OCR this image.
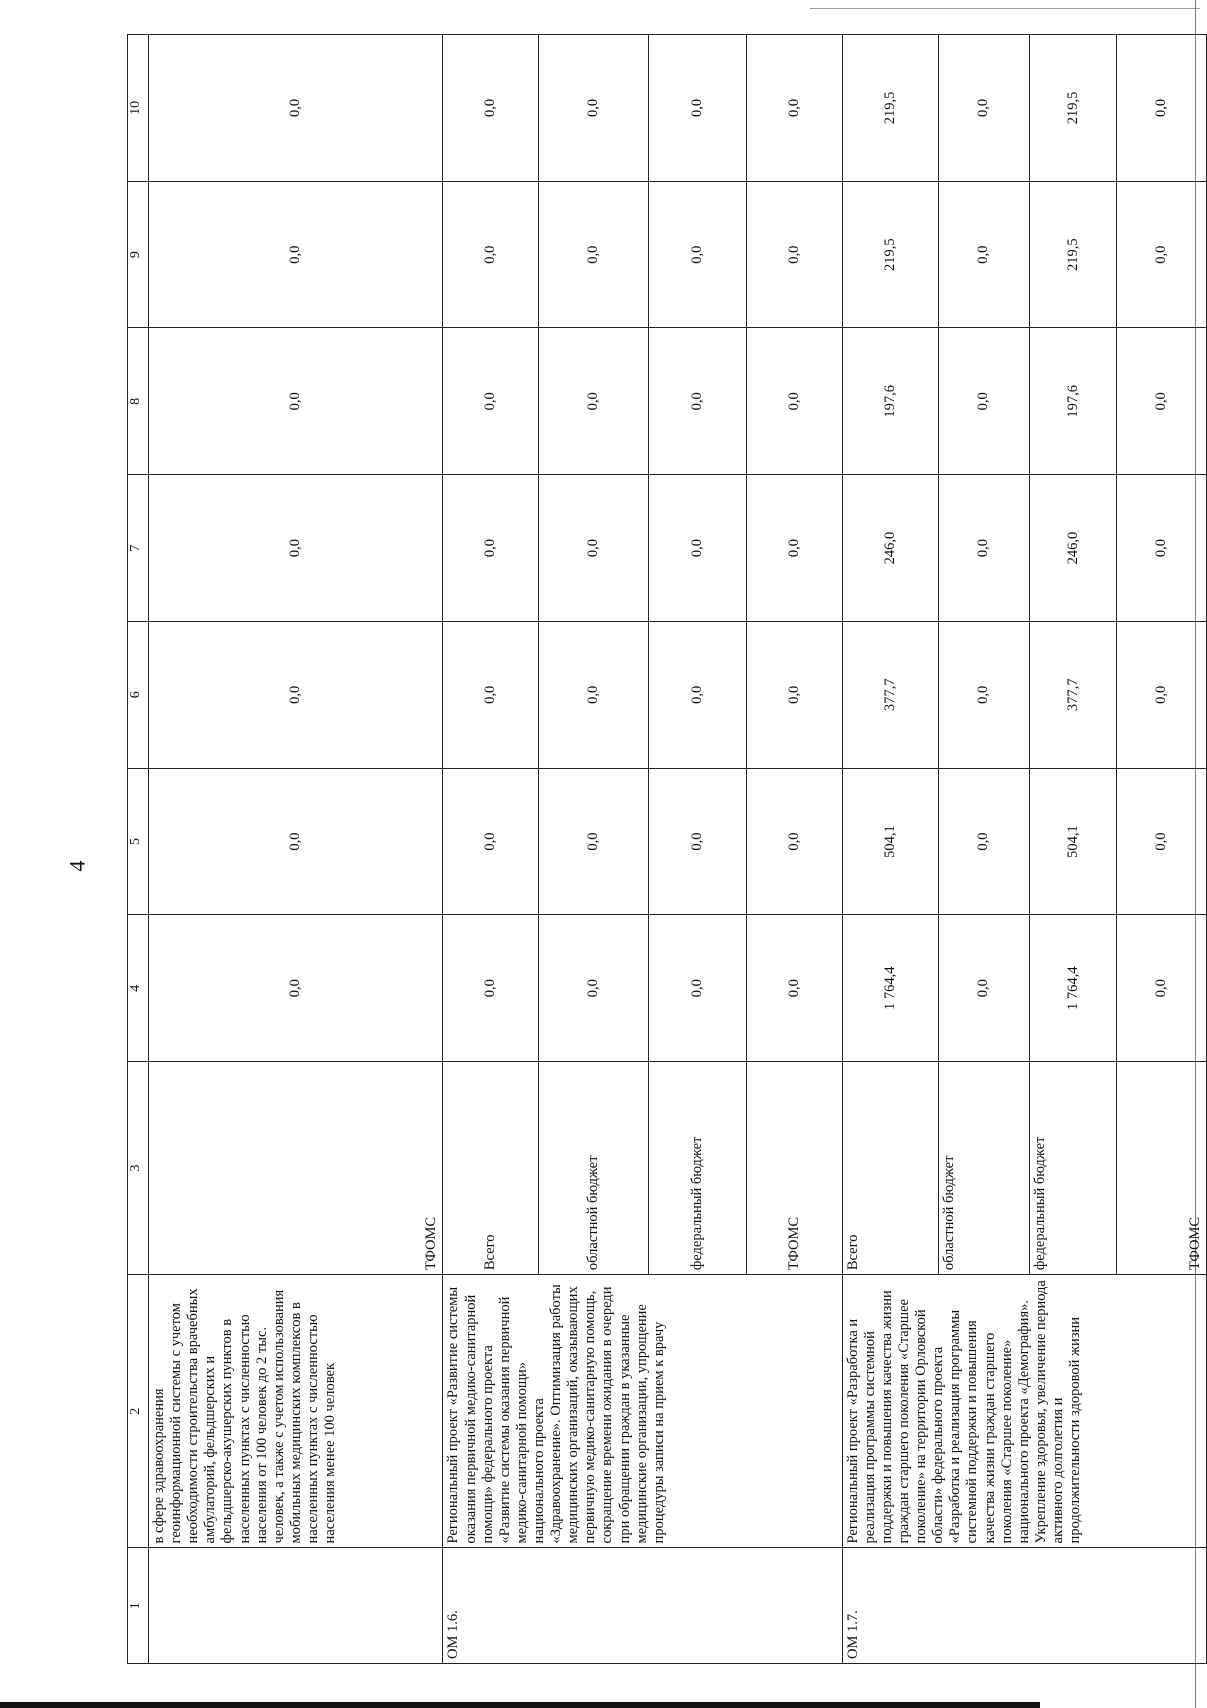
4
1	2	3	4	5	6	7	8	9	10
	в сфере здравоохранения геоинформационной системы с учетом необходимости строительства врачебных амбулаторий, фельдшерских и фельдшерско-акушерских пунктов в населенных пунктах с численностью населения от 100 человек до 2 тыс. человек, а также с учетом использования мобильных медицинских комплексов в населенных пунктах с численностью населения менее 100 человек	ТФОМС	0,0	0,0	0,0	0,0	0,0	0,0	0,0
ОМ 1.6.	Региональный проект «Развитие системы оказания первичной медико-санитарной помощи» федерального проекта «Развитие системы оказания первичной медико-санитарной помощи» национального проекта «Здравоохранение». Оптимизация работы медицинских организаций, оказывающих первичную медико-санитарную помощь, сокращение времени ожидания в очереди при обращении граждан в указанные медицинские организации, упрощение процедуры записи на прием к врачу	Всего	0,0	0,0	0,0	0,0	0,0	0,0	0,0
		областной бюджет	0,0	0,0	0,0	0,0	0,0	0,0	0,0
		федеральный бюджет	0,0	0,0	0,0	0,0	0,0	0,0	0,0
		ТФОМС	0,0	0,0	0,0	0,0	0,0	0,0	0,0
ОМ 1.7.	Региональный проект «Разработка и реализация программы системной поддержки и повышения качества жизни граждан старшего поколения «Старшее поколение» на территории Орловской области» федерального проекта «Разработка и реализация программы системной поддержки и повышения качества жизни граждан старшего поколения «Старшее поколение» национального проекта «Демография». Укрепление здоровья, увеличение периода активного долголетия и продолжительности здоровой жизни	Всего	1 764,4	504,1	377,7	246,0	197,6	219,5	219,5
		областной бюджет	0,0	0,0	0,0	0,0	0,0	0,0	0,0
		федеральный бюджет	1 764,4	504,1	377,7	246,0	197,6	219,5	219,5
		ТФОМС	0,0	0,0	0,0	0,0	0,0	0,0	0,0
